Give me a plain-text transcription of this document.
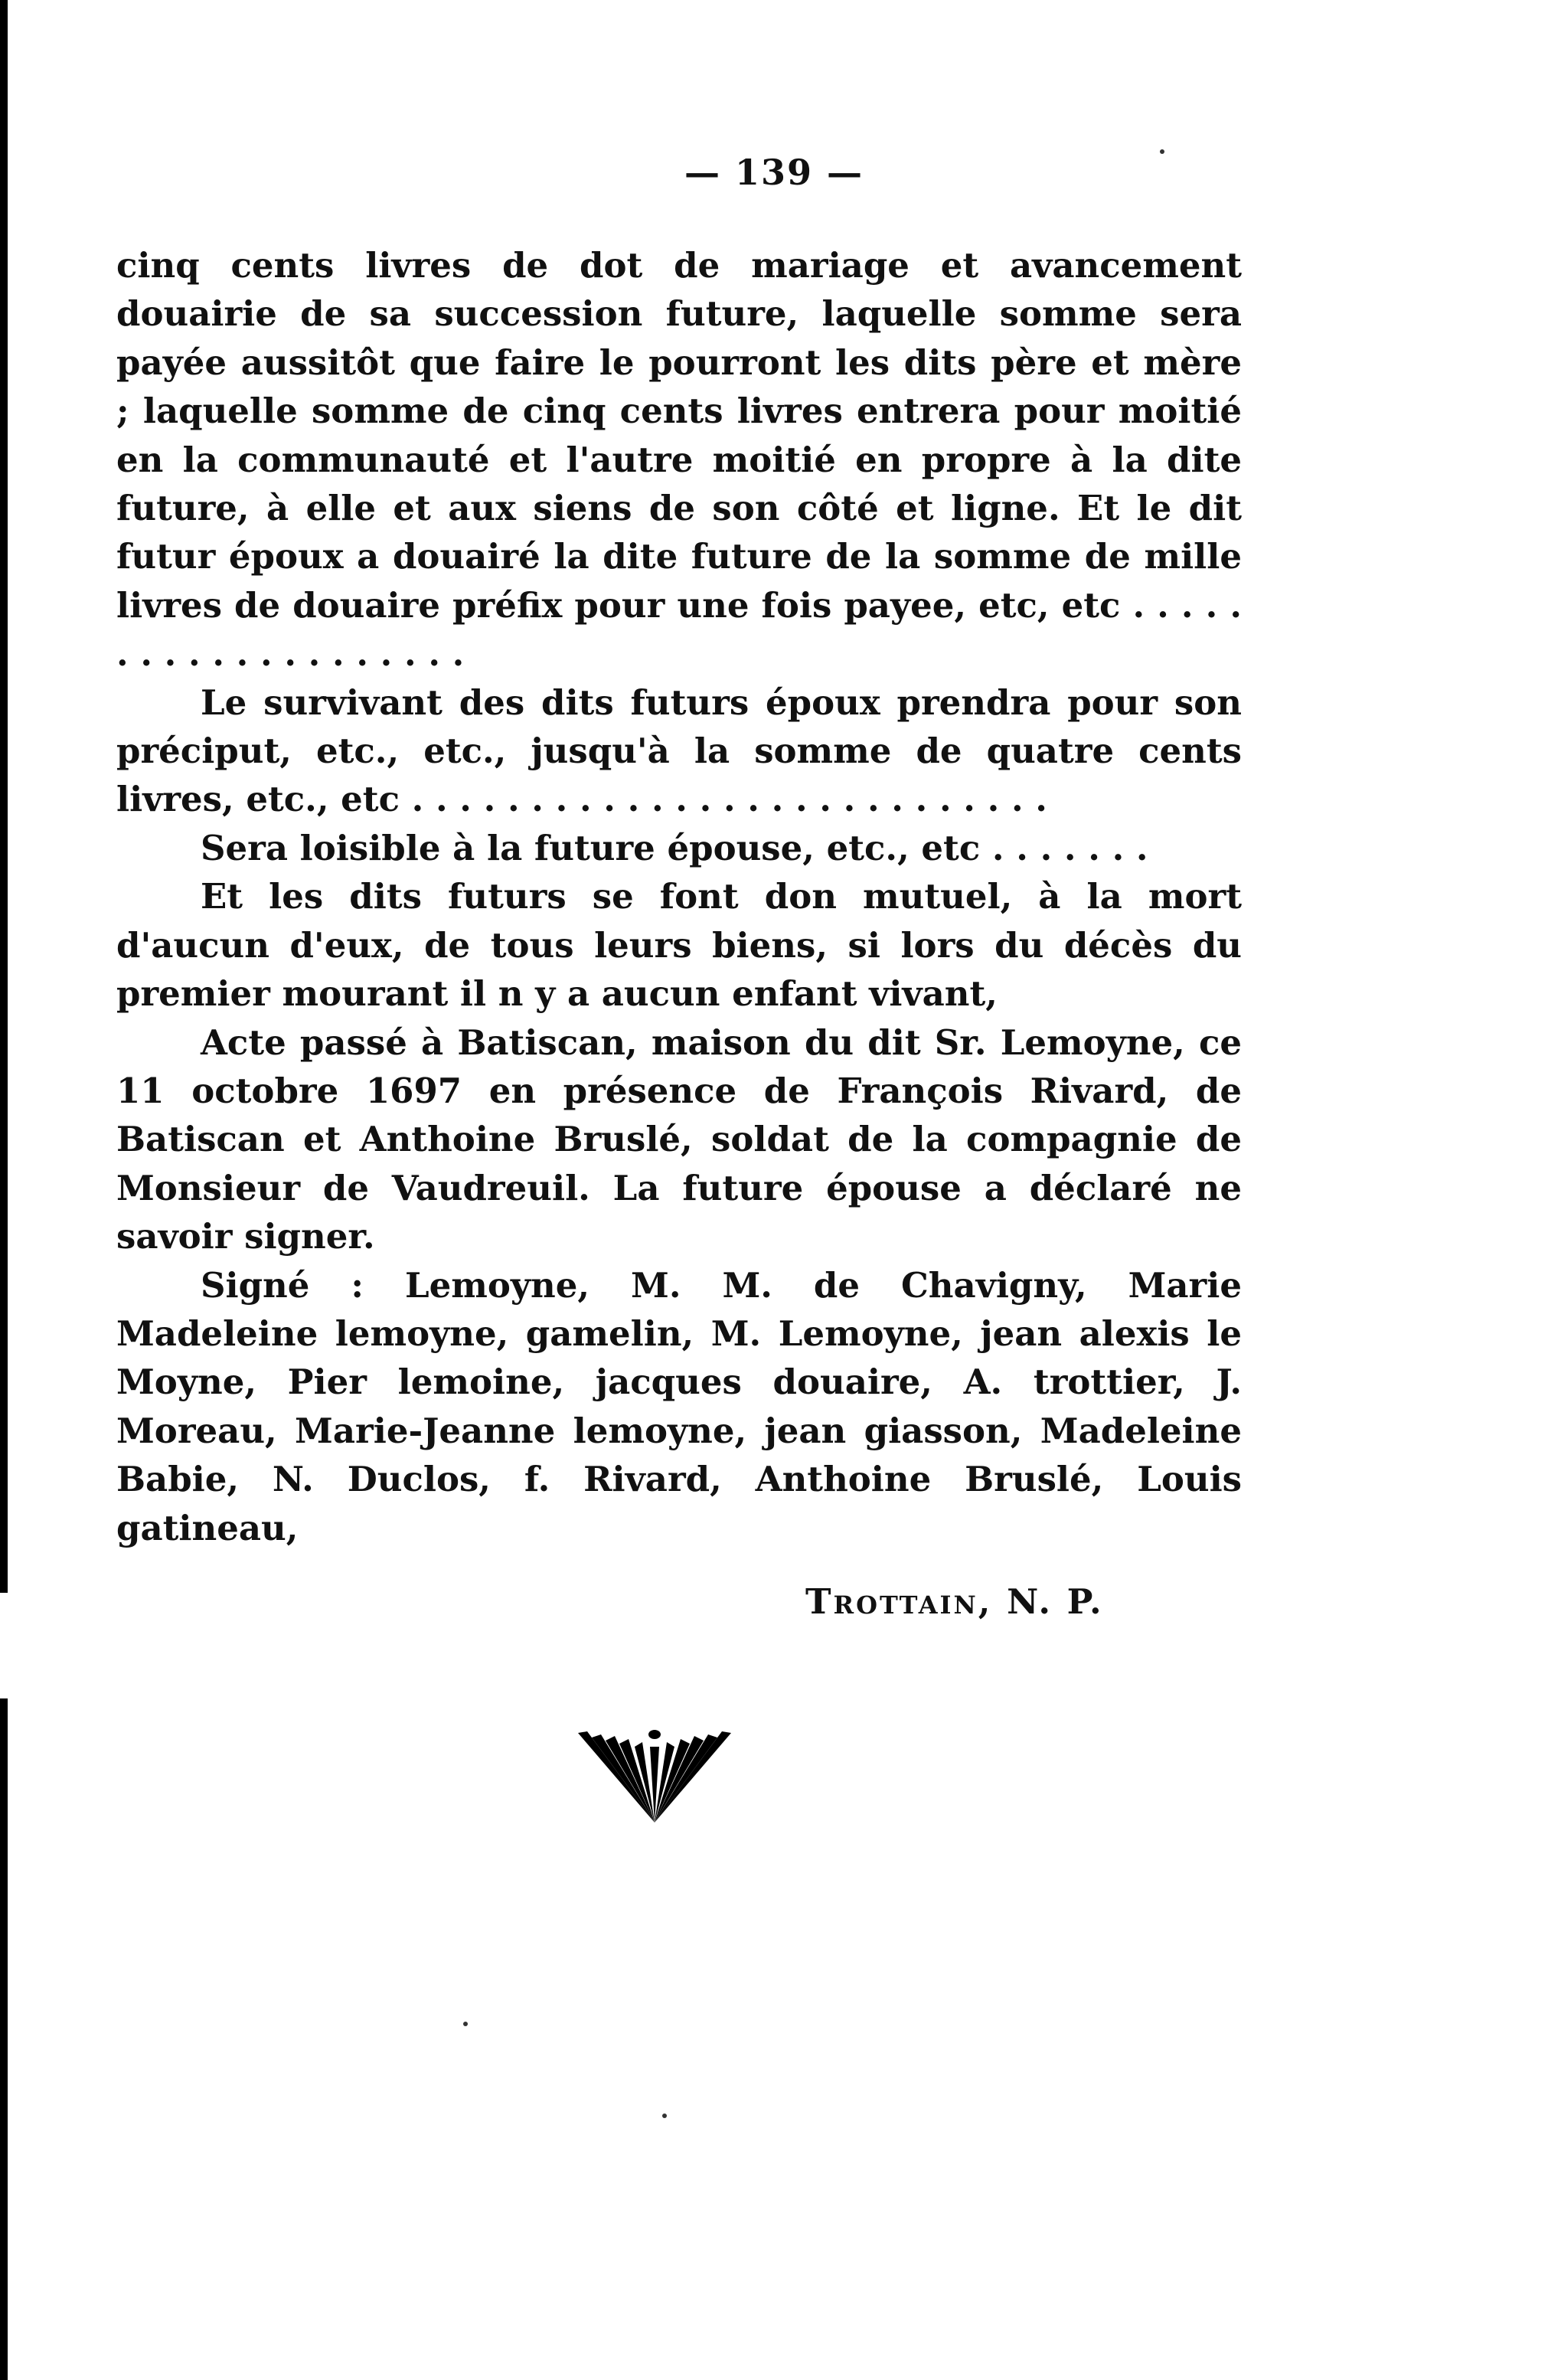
— 139 —

cinq cents livres de dot de mariage et avancement douairie de sa succession future, laquelle somme sera payée aussitôt que faire le pourront les dits père et mère ; laquelle somme de cinq cents livres entrera pour moitié en la communauté et l'autre moitié en propre à la dite future, à elle et aux siens de son côté et ligne. Et le dit futur époux a douairé la dite future de la somme de mille livres de douaire préfix pour une fois payee, etc, etc . . . . . . . . . . . . . . . . . . . .

Le survivant des dits futurs époux prendra pour son préciput, etc., etc., jusqu'à la somme de quatre cents livres, etc., etc . . . . . . . . . . . . . . . . . . . . . . . . . . .

Sera loisible à la future épouse, etc., etc . . . . . . .

Et les dits futurs se font don mutuel, à la mort d'aucun d'eux, de tous leurs biens, si lors du décès du premier mourant il n y a aucun enfant vivant,

Acte passé à Batiscan, maison du dit Sr. Lemoyne, ce 11 octobre 1697 en présence de François Rivard, de Batiscan et Anthoine Bruslé, soldat de la compagnie de Monsieur de Vaudreuil. La future épouse a déclaré ne savoir signer.

Signé : Lemoyne, M. M. de Chavigny, Marie Madeleine lemoyne, gamelin, M. Lemoyne, jean alexis le Moyne, Pier lemoine, jacques douaire, A. trottier, J. Moreau, Marie-Jeanne lemoyne, jean giasson, Madeleine Babie, N. Duclos, f. Rivard, Anthoine Bruslé, Louis gatineau,

Trottain, N. P.
